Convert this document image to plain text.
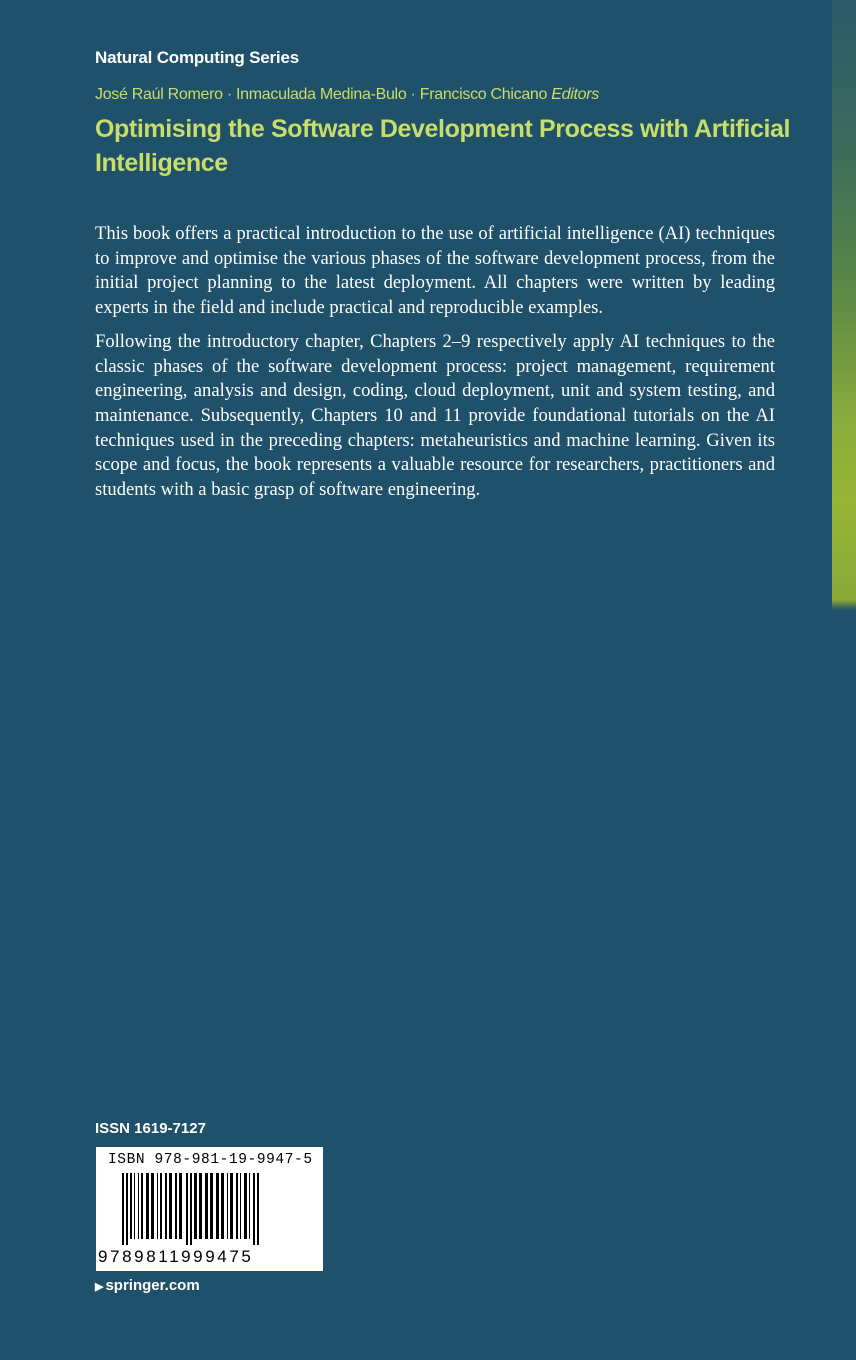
Natural Computing Series
José Raúl Romero · Inmaculada Medina-Bulo · Francisco Chicano Editors
Optimising the Software Development Process with Artificial Intelligence

This book offers a practical introduction to the use of artificial intelligence (AI) techniques to improve and optimise the various phases of the software development process, from the initial project planning to the latest deployment. All chapters were written by leading experts in the field and include practical and reproducible examples.

Following the introductory chapter, Chapters 2–9 respectively apply AI techniques to the classic phases of the software development process: project management, requirement engineering, analysis and design, coding, cloud deployment, unit and system testing, and maintenance. Subsequently, Chapters 10 and 11 provide foundational tutorials on the AI techniques used in the preceding chapters: metaheuristics and machine learning. Given its scope and focus, the book represents a valuable resource for researchers, practitioners and students with a basic grasp of software engineering.

ISSN 1619-7127
ISBN 978-981-19-9947-5
9789811999475
▶ springer.com
